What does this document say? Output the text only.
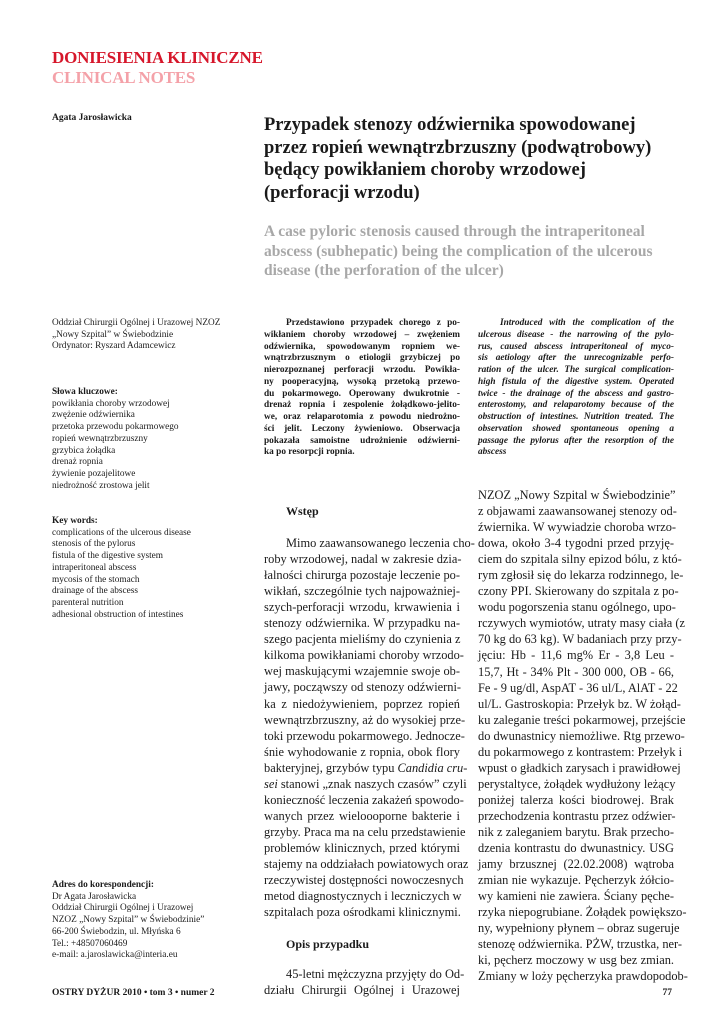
DONIESIENIA KLINICZNE
CLINICAL NOTES
Agata Jarosławicka	Przypadek stenozy odźwiernika spowodowanej
przez ropień wewnątrzbrzuszny (podwątrobowy)
będący powikłaniem choroby wrzodowej
(perforacji wrzodu)
A case pyloric stenosis caused through the intraperitoneal
abscess (subhepatic) being the complication of the ulcerous
disease (the perforation of the ulcer)
Oddział Chirurgii Ogólnej i Urazowej NZOZ
„Nowy Szpital” w Świebodzinie
Ordynator: Ryszard Adamcewicz
Słowa kluczowe:
powikłania choroby wrzodowej
zwężenie odźwiernika
przetoka przewodu pokarmowego
ropień wewnątrzbrzuszny
grzybica żołądka
drenaż ropnia
żywienie pozajelitowe
niedrożność zrostowa jelit
Key words:
complications of the ulcerous disease
stenosis of the pylorus
fistula of the digestive system
intraperitoneal abscess
mycosis of the stomach
drainage of the abscess
parenteral nutrition
adhesional obstruction of intestines
Adres do korespondencji:
Dr Agata Jarosławicka
Oddział Chirurgii Ogólnej i Urazowej
NZOZ „Nowy Szpital” w Świebodzinie”
66-200 Świebodzin, ul. Młyńska 6
Tel.: +48507060469
e-mail: a.jaroslawicka@interia.eu
Przedstawiono przypadek chorego z po-
wikłaniem choroby wrzodowej – zwężeniem
odźwiernika, spowodowanym ropniem we-
wnątrzbrzusznym o etiologii grzybiczej po
nierozpoznanej perforacji wrzodu. Powikła-
ny pooperacyjną, wysoką przetoką przewo-
du pokarmowego. Operowany dwukrotnie -
drenaż ropnia i zespolenie żołądkowo-jelito-
we, oraz relaparotomia z powodu niedrożno-
ści jelit. Leczony żywieniowo. Obserwacja
pokazała samoistne udrożnienie odźwierni-
ka po resorpcji ropnia.
Introduced with the complication of the
ulcerous disease - the narrowing of the pylo-
rus, caused abscess intraperitoneal of myco-
sis aetiology after the unrecognizable perfo-
ration of the ulcer. The surgical complication-
high fistula of the digestive system. Operated
twice - the drainage of the abscess and gastro-
enterostomy, and relaparotomy because of the
obstruction of intestines. Nutrition treated. The
observation showed spontaneous opening a
passage the pylorus after the resorption of the
abscess
Wstęp
Mimo zaawansowanego leczenia cho-
roby wrzodowej, nadal w zakresie dzia-
łalności chirurga pozostaje leczenie po-
wikłań, szczególnie tych najpoważniej-
szych-perforacji wrzodu, krwawienia i
stenozy odźwiernika. W przypadku na-
szego pacjenta mieliśmy do czynienia z
kilkoma powikłaniami choroby wrzodo-
wej maskującymi wzajemnie swoje ob-
jawy, począwszy od stenozy odźwierni-
ka z niedożywieniem, poprzez ropień
wewnątrzbrzuszny, aż do wysokiej prze-
toki przewodu pokarmowego. Jednocze-
śnie wyhodowanie z ropnia, obok flory
bakteryjnej, grzybów typu Candidia cru-
sei stanowi „znak naszych czasów” czyli
konieczność leczenia zakażeń spowodo-
wanych przez wieloooporne bakterie i
grzyby. Praca ma na celu przedstawienie
problemów klinicznych, przed którymi
stajemy na oddziałach powiatowych oraz
rzeczywistej dostępności nowoczesnych
metod diagnostycznych i leczniczych w
szpitalach poza ośrodkami klinicznymi.
Opis przypadku
45-letni mężczyzna przyjęty do Od-
działu Chirurgii Ogólnej i Urazowej
NZOZ „Nowy Szpital w Świebodzinie”
z objawami zaawansowanej stenozy od-
źwiernika. W wywiadzie choroba wrzo-
dowa, około 3-4 tygodni przed przyję-
ciem do szpitala silny epizod bólu, z któ-
rym zgłosił się do lekarza rodzinnego, le-
czony PPI. Skierowany do szpitala z po-
wodu pogorszenia stanu ogólnego, upo-
rczywych wymiotów, utraty masy ciała (z
70 kg do 63 kg). W badaniach przy przy-
jęciu: Hb - 11,6 mg% Er - 3,8 Leu -
15,7, Ht - 34% Plt - 300 000, OB - 66,
Fe - 9 ug/dl, AspAT - 36 ul/L, AlAT - 22
ul/L. Gastroskopia: Przełyk bz. W żołąd-
ku zaleganie treści pokarmowej, przejście
do dwunastnicy niemożliwe. Rtg przewo-
du pokarmowego z kontrastem: Przełyk i
wpust o gładkich zarysach i prawidłowej
perystaltyce, żołądek wydłużony leżący
poniżej talerza kości biodrowej. Brak
przechodzenia kontrastu przez odźwier-
nik z zaleganiem barytu. Brak przecho-
dzenia kontrastu do dwunastnicy. USG
jamy brzusznej (22.02.2008) wątroba
zmian nie wykazuje. Pęcherzyk żółcio-
wy kamieni nie zawiera. Ściany pęche-
rzyka niepogrubiane. Żołądek powiększo-
ny, wypełniony płynem – obraz sugeruje
stenozę odźwiernika. PŻW, trzustka, ner-
ki, pęcherz moczowy w usg bez zmian.
Zmiany w loży pęcherzyka prawdopodob-
OSTRY DYŻUR 2010 • tom 3 • numer 2	77
